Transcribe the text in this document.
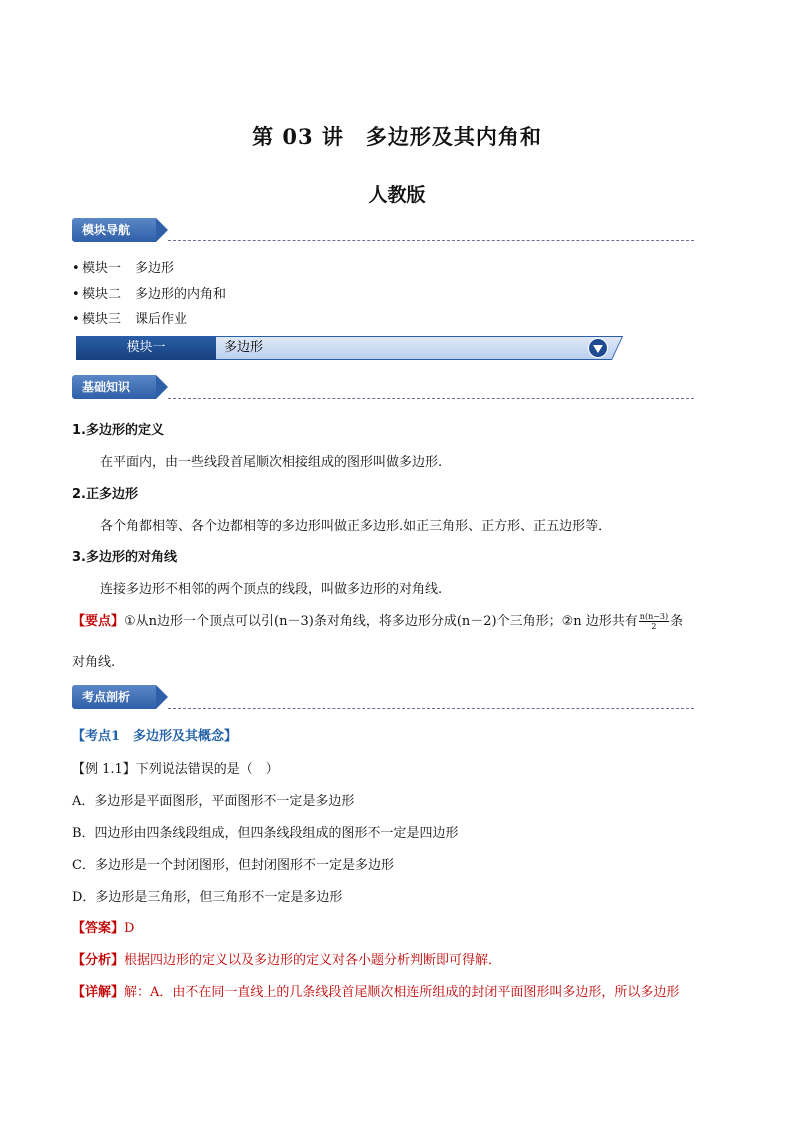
第 03 讲　多边形及其内角和
人教版
模块导航
• 模块一 多边形
• 模块二 多边形的内角和
• 模块三 课后作业
模块一	多边形
基础知识
1.多边形的定义
在平面内，由一些线段首尾顺次相接组成的图形叫做多边形.
2.正多边形
各个角都相等、各个边都相等的多边形叫做正多边形.如正三角形、正方形、正五边形等．
3.多边形的对角线
连接多边形不相邻的两个顶点的线段，叫做多边形的对角线.
【要点】①从n边形一个顶点可以引(n－3)条对角线，将多边形分成(n－2)个三角形；②n 边形共有 $\frac{n(n-3)}{2}$ 条
对角线.
考点剖析
【考点1　多边形及其概念】
【例 1.1】下列说法错误的是（　）
A．多边形是平面图形，平面图形不一定是多边形
B．四边形由四条线段组成，但四条线段组成的图形不一定是四边形
C．多边形是一个封闭图形，但封闭图形不一定是多边形
D．多边形是三角形，但三角形不一定是多边形
【答案】D
【分析】根据四边形的定义以及多边形的定义对各小题分析判断即可得解．
【详解】解：A．由不在同一直线上的几条线段首尾顺次相连所组成的封闭平面图形叫多边形，所以多边形
